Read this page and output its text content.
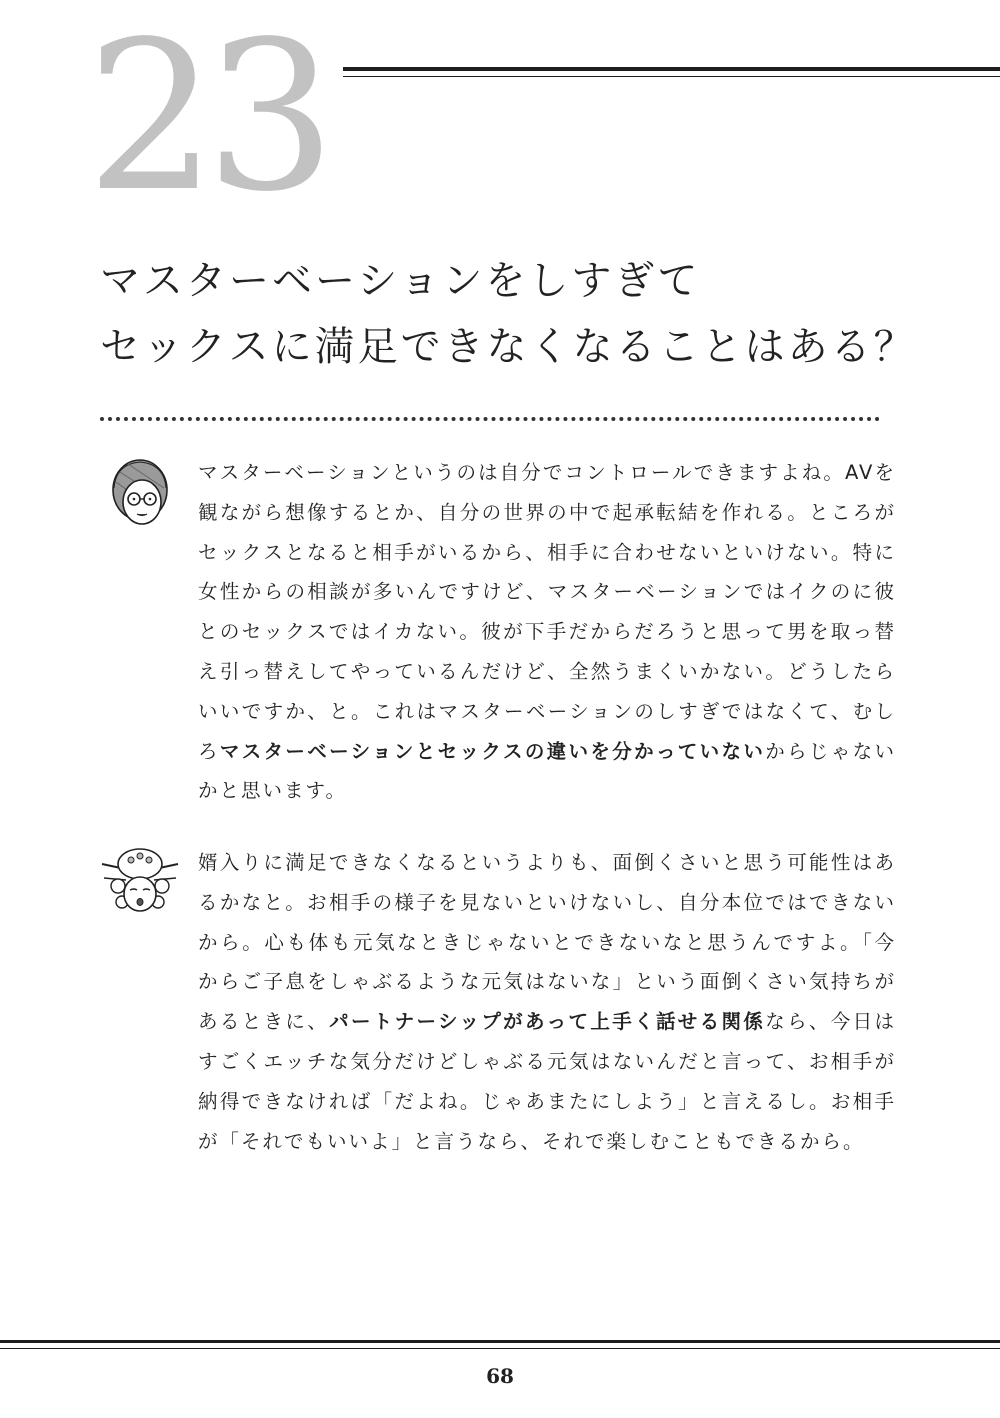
23
マスターベーションをしすぎて
セックスに満足できなくなることはある？

マスターベーションというのは自分でコントロールできますよね。AVを観ながら想像するとか、自分の世界の中で起承転結を作れる。ところがセックスとなると相手がいるから、相手に合わせないといけない。特に女性からの相談が多いんですけど、マスターベーションではイクのに彼とのセックスではイカない。彼が下手だからだろうと思って男を取っ替え引っ替えしてやっているんだけど、全然うまくいかない。どうしたらいいですか、と。これはマスターベーションのしすぎではなくて、むしろマスターベーションとセックスの違いを分かっていないからじゃないかと思います。

婿入りに満足できなくなるというよりも、面倒くさいと思う可能性はあるかなと。お相手の様子を見ないといけないし、自分本位ではできないから。心も体も元気なときじゃないとできないなと思うんですよ。「今からご子息をしゃぶるような元気はないな」という面倒くさい気持ちがあるときに、パートナーシップがあって上手く話せる関係なら、今日はすごくエッチな気分だけどしゃぶる元気はないんだと言って、お相手が納得できなければ「だよね。じゃあまたにしよう」と言えるし。お相手が「それでもいいよ」と言うなら、それで楽しむこともできるから。

68
